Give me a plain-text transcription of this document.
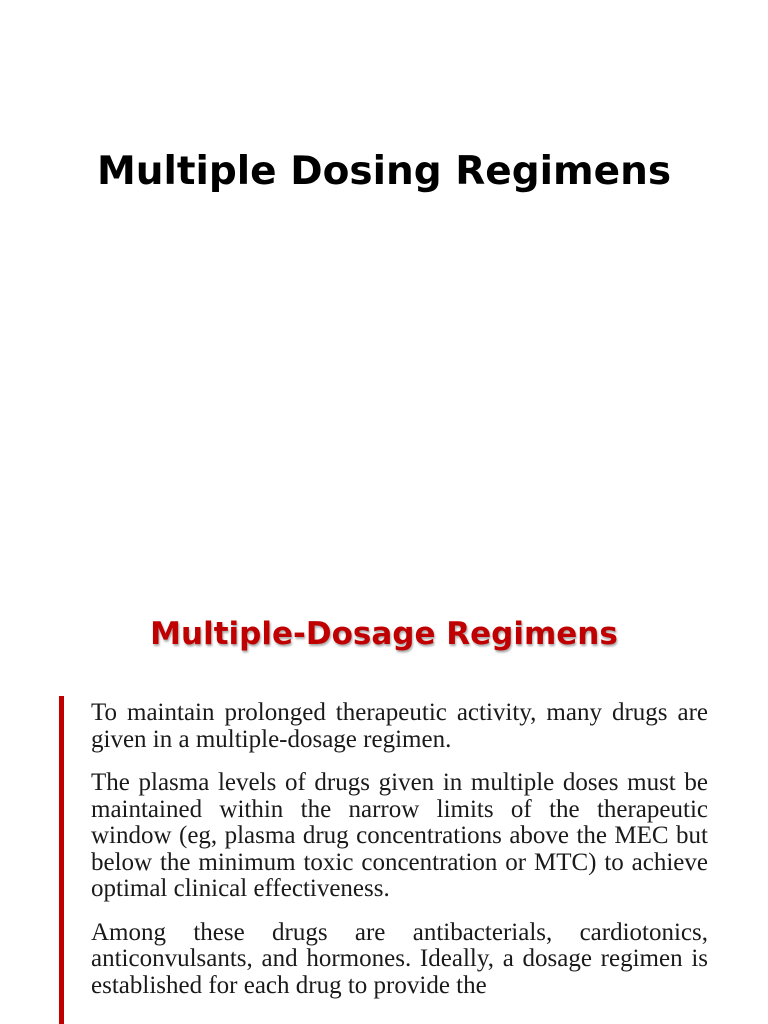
Multiple Dosing Regimens
Multiple-Dosage Regimens

To maintain prolonged therapeutic activity, many drugs are given in a multiple-dosage regimen.

The plasma levels of drugs given in multiple doses must be maintained within the narrow limits of the therapeutic window (eg, plasma drug concentrations above the MEC but below the minimum toxic concentration or MTC) to achieve optimal clinical effectiveness.

Among these drugs are antibacterials, cardiotonics, anticonvulsants, and hormones. Ideally, a dosage regimen is established for each drug to provide the
